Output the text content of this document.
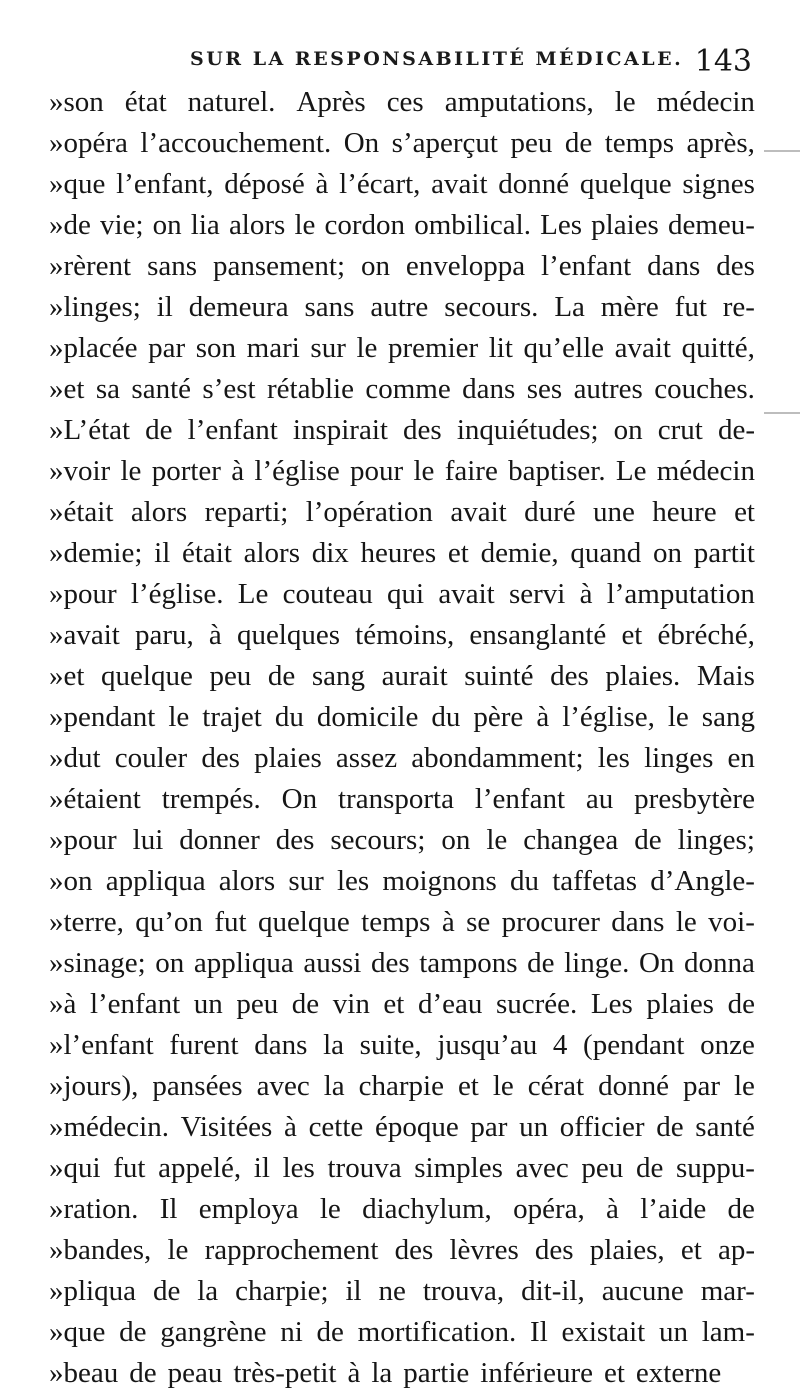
SUR LA RESPONSABILITÉ MÉDICALE. 143
»son état naturel. Après ces amputations, le médecin
»opéra l’accouchement. On s’aperçut peu de temps après,
»que l’enfant, déposé à l’écart, avait donné quelque signes
»de vie; on lia alors le cordon ombilical. Les plaies demeu-
»rèrent sans pansement; on enveloppa l’enfant dans des
»linges; il demeura sans autre secours. La mère fut re-
»placée par son mari sur le premier lit qu’elle avait quitté,
»et sa santé s’est rétablie comme dans ses autres couches.
»L’état de l’enfant inspirait des inquiétudes; on crut de-
»voir le porter à l’église pour le faire baptiser. Le médecin
»était alors reparti; l’opération avait duré une heure et
»demie; il était alors dix heures et demie, quand on partit
»pour l’église. Le couteau qui avait servi à l’amputation
»avait paru, à quelques témoins, ensanglanté et ébréché,
»et quelque peu de sang aurait suinté des plaies. Mais
»pendant le trajet du domicile du père à l’église, le sang
»dut couler des plaies assez abondamment; les linges en
»étaient trempés. On transporta l’enfant au presbytère
»pour lui donner des secours; on le changea de linges;
»on appliqua alors sur les moignons du taffetas d’Angle-
»terre, qu’on fut quelque temps à se procurer dans le voi-
»sinage; on appliqua aussi des tampons de linge. On donna
»à l’enfant un peu de vin et d’eau sucrée. Les plaies de
»l’enfant furent dans la suite, jusqu’au 4 (pendant onze
»jours), pansées avec la charpie et le cérat donné par le
»médecin. Visitées à cette époque par un officier de santé
»qui fut appelé, il les trouva simples avec peu de suppu-
»ration. Il employa le diachylum, opéra, à l’aide de
»bandes, le rapprochement des lèvres des plaies, et ap-
»pliqua de la charpie; il ne trouva, dit-il, aucune mar-
»que de gangrène ni de mortification. Il existait un lam-
»beau de peau très-petit à la partie inférieure et externe
